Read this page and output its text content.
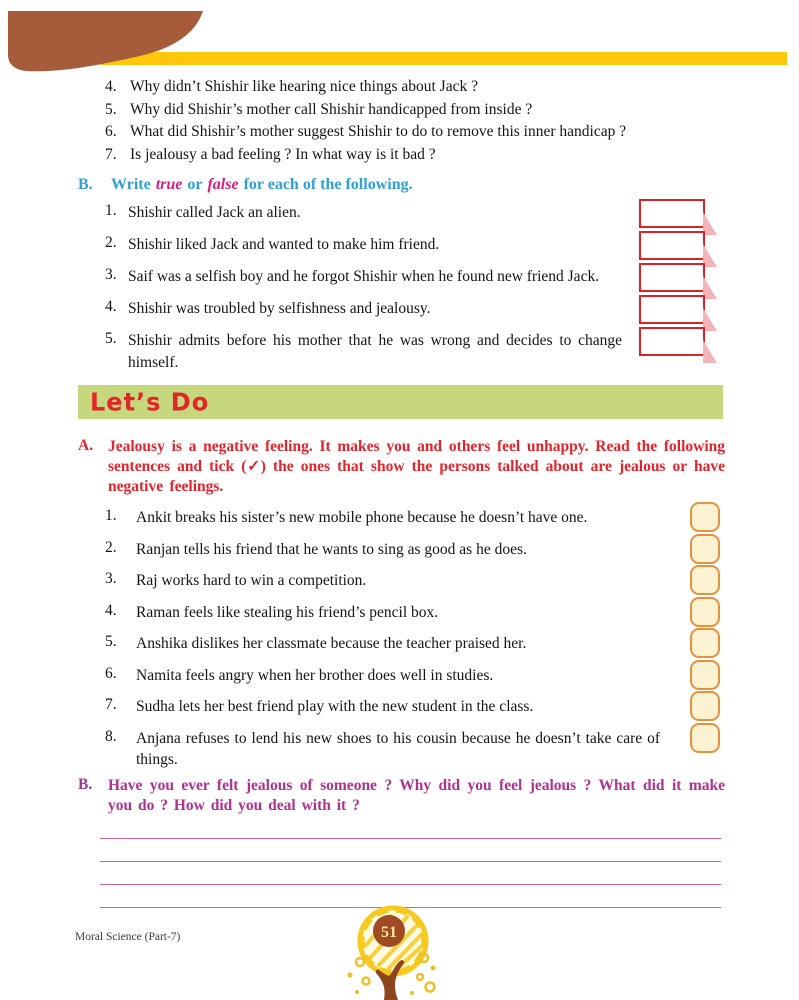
4. Why didn’t Shishir like hearing nice things about Jack ?
5. Why did Shishir’s mother call Shishir handicapped from inside ?
6. What did Shishir’s mother suggest Shishir to do to remove this inner handicap ?
7. Is jealousy a bad feeling ? In what way is it bad ?
B.	Write true or false for each of the following.
1. Shishir called Jack an alien.
2. Shishir liked Jack and wanted to make him friend.
3. Saif was a selfish boy and he forgot Shishir when he found new friend Jack.
4. Shishir was troubled by selfishness and jealousy.
5. Shishir admits before his mother that he was wrong and decides to change himself.
Let’s Do
A. Jealousy is a negative feeling. It makes you and others feel unhappy. Read the following sentences and tick (✓) the ones that show the persons talked about are jealous or have negative feelings.
1.	Ankit breaks his sister’s new mobile phone because he doesn’t have one.
2.	Ranjan tells his friend that he wants to sing as good as he does.
3.	Raj works hard to win a competition.
4.	Raman feels like stealing his friend’s pencil box.
5.	Anshika dislikes her classmate because the teacher praised her.
6.	Namita feels angry when her brother does well in studies.
7.	Sudha lets her best friend play with the new student in the class.
8.	Anjana refuses to lend his new shoes to his cousin because he doesn’t take care of things.
B.	Have you ever felt jealous of someone ? Why did you feel jealous ? What did it make you do ? How did you deal with it ?
Moral Science (Part-7)	51
